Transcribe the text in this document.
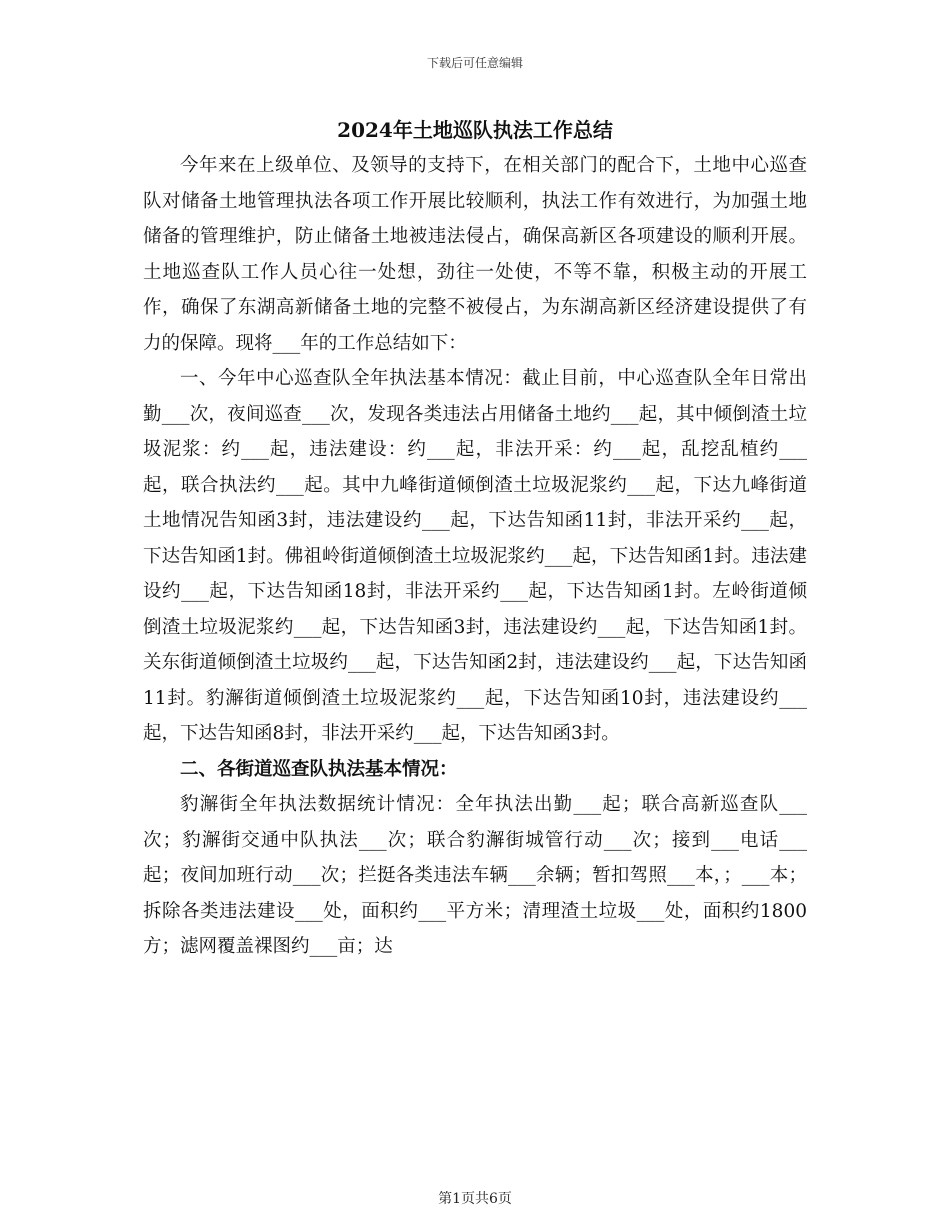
下载后可任意编辑
2024年土地巡队执法工作总结

今年来在上级单位、及领导的支持下，在相关部门的配合下，土地中心巡查队对储备土地管理执法各项工作开展比较顺利，执法工作有效进行，为加强土地储备的管理维护，防止储备土地被违法侵占，确保高新区各项建设的顺利开展。土地巡查队工作人员心往一处想，劲往一处使，不等不靠，积极主动的开展工作，确保了东湖高新储备土地的完整不被侵占，为东湖高新区经济建设提供了有力的保障。现将___年的工作总结如下：

一、今年中心巡查队全年执法基本情况：截止目前，中心巡查队全年日常出勤___次，夜间巡查___次，发现各类违法占用储备土地约___起，其中倾倒渣土垃圾泥浆：约___起，违法建设：约___起，非法开采：约___起，乱挖乱植约___起，联合执法约___起。其中九峰街道倾倒渣土垃圾泥浆约___起，下达九峰街道土地情况告知函3封，违法建设约___起，下达告知函11封，非法开采约___起，下达告知函1封。佛祖岭街道倾倒渣土垃圾泥浆约___起，下达告知函1封。违法建设约___起，下达告知函18封，非法开采约___起，下达告知函1封。左岭街道倾倒渣土垃圾泥浆约___起，下达告知函3封，违法建设约___起，下达告知函1封。关东街道倾倒渣土垃圾约___起，下达告知函2封，违法建设约___起，下达告知函11封。豹澥街道倾倒渣土垃圾泥浆约___起，下达告知函10封，违法建设约___起，下达告知函8封，非法开采约___起，下达告知函3封。

二、各街道巡查队执法基本情况：

豹澥街全年执法数据统计情况：全年执法出勤___起；联合高新巡查队___次；豹澥街交通中队执法___次；联合豹澥街城管行动___次；接到___电话___起；夜间加班行动___次；拦挺各类违法车辆___余辆；暂扣驾照___本，；___本；拆除各类违法建设___处，面积约___平方米；清理渣土垃圾___处，面积约1800方；滤网覆盖裸图约___亩；达

第1页共6页
